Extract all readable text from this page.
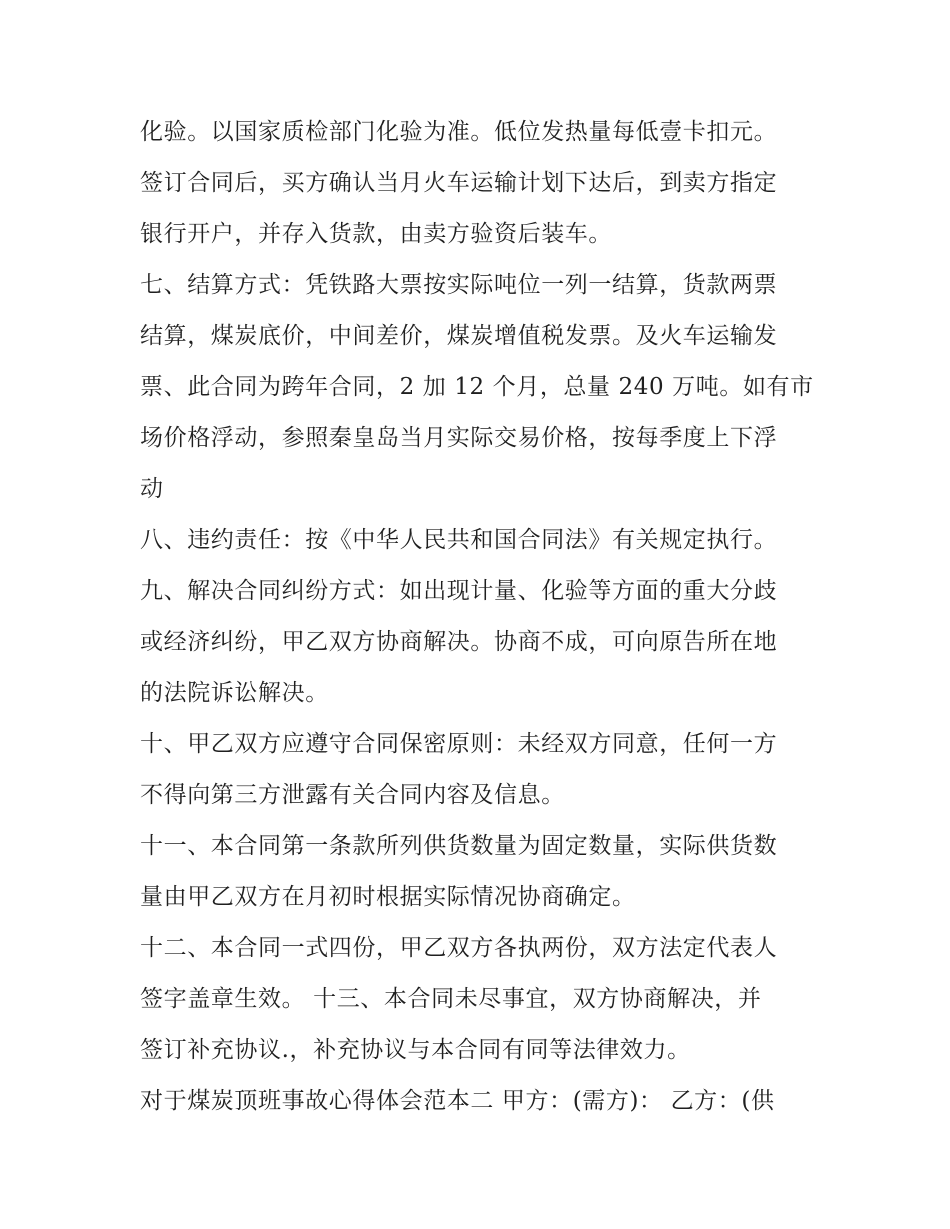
化验。以国家质检部门化验为准。低位发热量每低壹卡扣元。
签订合同后，买方确认当月火车运输计划下达后，到卖方指定
银行开户，并存入货款，由卖方验资后装车。
七、结算方式：凭铁路大票按实际吨位一列一结算，货款两票
结算，煤炭底价，中间差价，煤炭增值税发票。及火车运输发
票、此合同为跨年合同，2 加 12 个月，总量 240 万吨。如有市
场价格浮动，参照秦皇岛当月实际交易价格，按每季度上下浮
动
八、违约责任：按《中华人民共和国合同法》有关规定执行。
九、解决合同纠纷方式：如出现计量、化验等方面的重大分歧
或经济纠纷，甲乙双方协商解决。协商不成，可向原告所在地
的法院诉讼解决。
十、甲乙双方应遵守合同保密原则：未经双方同意，任何一方
不得向第三方泄露有关合同内容及信息。
十一、本合同第一条款所列供货数量为固定数量，实际供货数
量由甲乙双方在月初时根据实际情况协商确定。
十二、本合同一式四份，甲乙双方各执两份，双方法定代表人
签字盖章生效。 十三、本合同未尽事宜，双方协商解决，并
签订补充协议.，补充协议与本合同有同等法律效力。
对于煤炭顶班事故心得体会范本二 甲方：(需方)： 乙方：(供
